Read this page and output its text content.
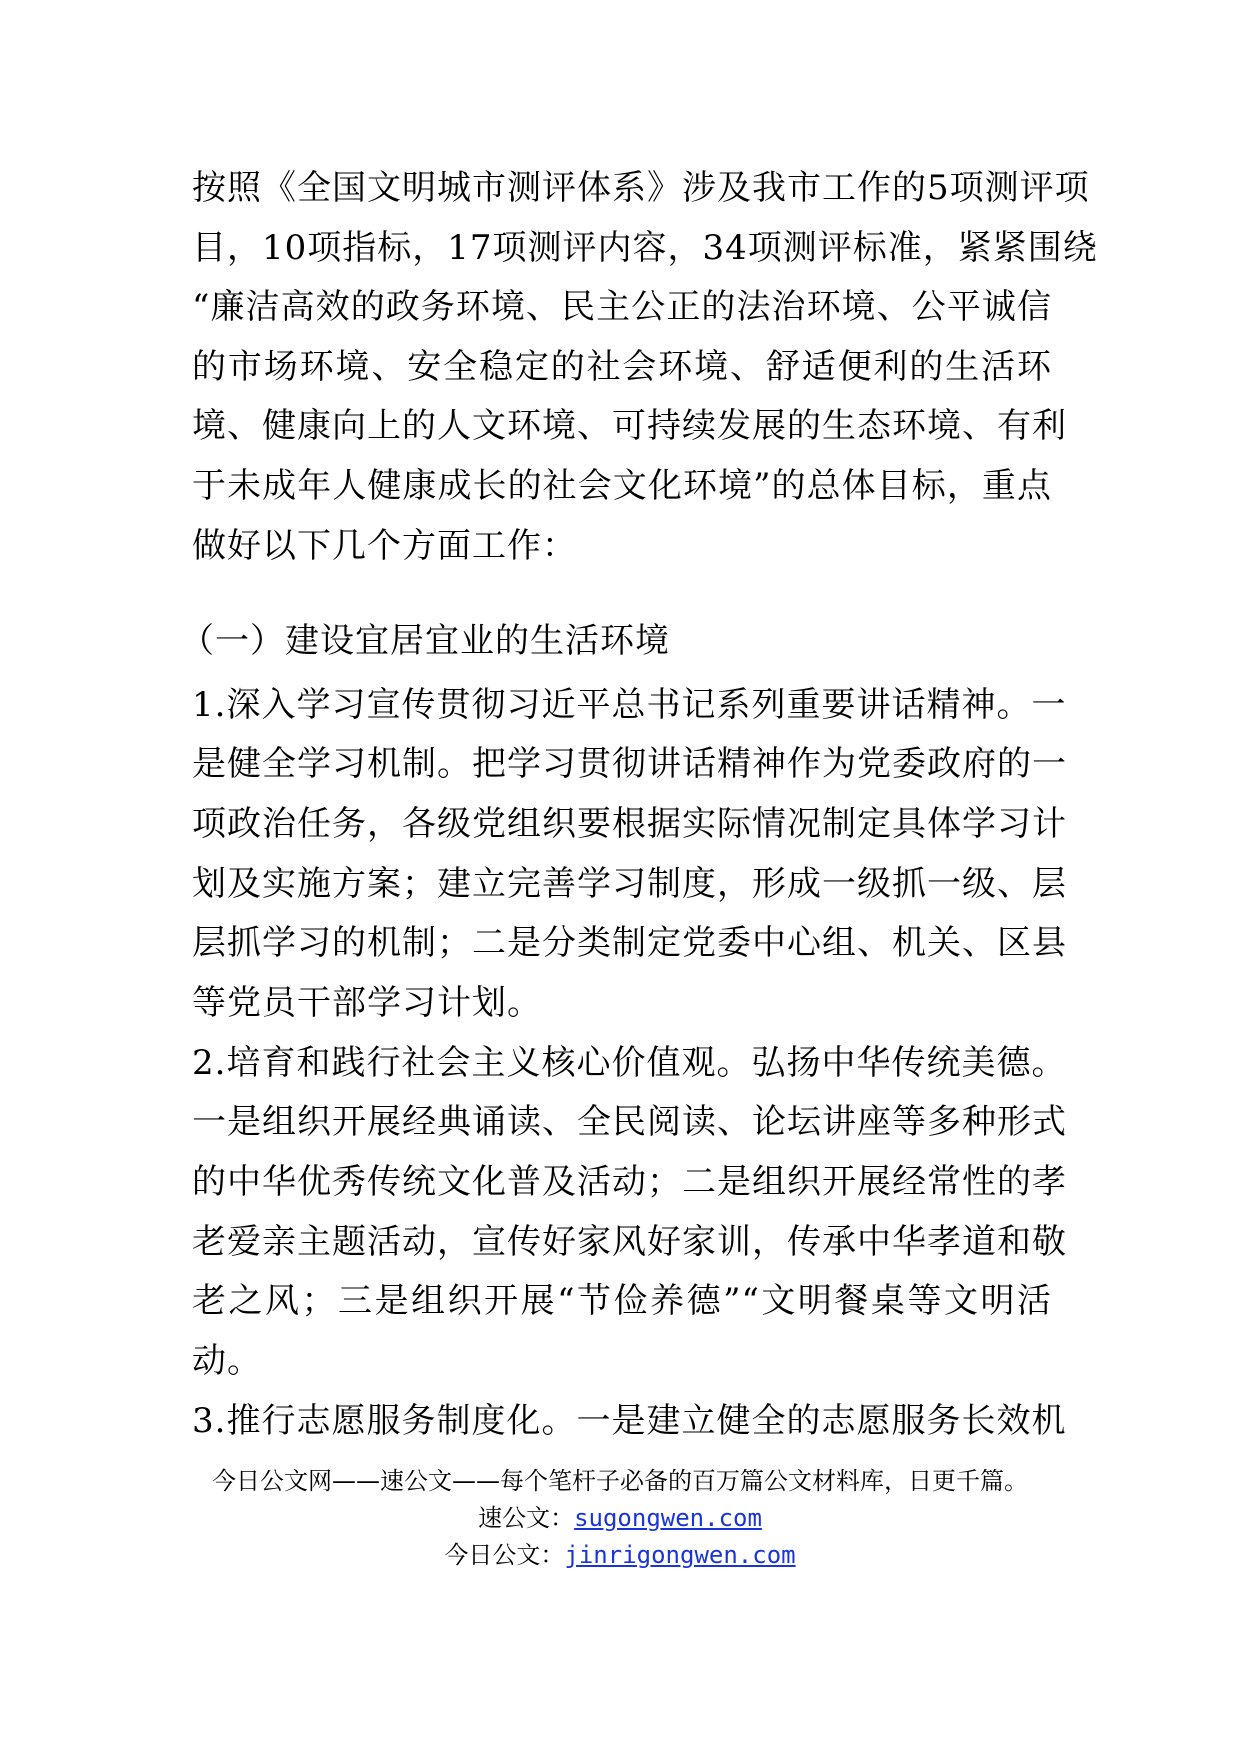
按照《全国文明城市测评体系》涉及我市工作的5项测评项
目，10项指标，17项测评内容，34项测评标准，紧紧围绕
“廉洁高效的政务环境、民主公正的法治环境、公平诚信
的市场环境、安全稳定的社会环境、舒适便利的生活环
境、健康向上的人文环境、可持续发展的生态环境、有利
于未成年人健康成长的社会文化环境”的总体目标，重点
做好以下几个方面工作：
（一）建设宜居宜业的生活环境
1.深入学习宣传贯彻习近平总书记系列重要讲话精神。一
是健全学习机制。把学习贯彻讲话精神作为党委政府的一
项政治任务，各级党组织要根据实际情况制定具体学习计
划及实施方案；建立完善学习制度，形成一级抓一级、层
层抓学习的机制；二是分类制定党委中心组、机关、区县
等党员干部学习计划。
2.培育和践行社会主义核心价值观。弘扬中华传统美德。
一是组织开展经典诵读、全民阅读、论坛讲座等多种形式
的中华优秀传统文化普及活动；二是组织开展经常性的孝
老爱亲主题活动，宣传好家风好家训，传承中华孝道和敬
老之风；三是组织开展“节俭养德”“文明餐桌等文明活
动。
3.推行志愿服务制度化。一是建立健全的志愿服务长效机
今日公文网——速公文——每个笔杆子必备的百万篇公文材料库，日更千篇。
速公文：sugongwen.com
今日公文：jinrigongwen.com
